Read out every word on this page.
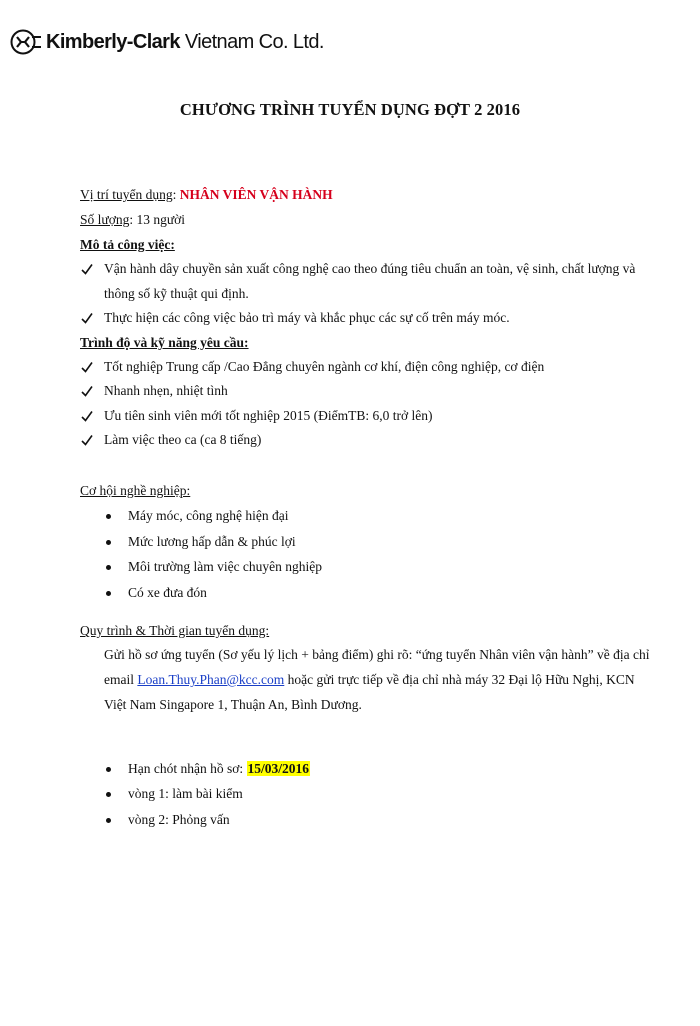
Kimberly-Clark Vietnam Co. Ltd.
CHƯƠNG TRÌNH TUYỂN DỤNG ĐỢT 2 2016
Vị trí tuyển dụng: NHÂN VIÊN VẬN HÀNH
Số lượng: 13 người
Mô tả công việc:
Vận hành dây chuyền sản xuất công nghệ cao theo đúng tiêu chuẩn an toàn, vệ sinh, chất lượng và
thông số kỹ thuật qui định.
Thực hiện các công việc bảo trì máy và khắc phục các sự cố trên máy móc.
Trình độ và kỹ năng yêu cầu:
Tốt nghiệp Trung cấp /Cao Đẳng chuyên ngành cơ khí, điện công nghiệp, cơ điện
Nhanh nhẹn, nhiệt tình
Ưu tiên sinh viên mới tốt nghiệp 2015 (ĐiểmTB: 6,0 trở lên)
Làm việc theo ca (ca 8 tiếng)
Cơ hội nghề nghiệp:
Máy móc, công nghệ hiện đại
Mức lương hấp dẫn & phúc lợi
Môi trường làm việc chuyên nghiệp
Có xe đưa đón
Quy trình & Thời gian tuyển dụng:
Gửi hồ sơ ứng tuyển (Sơ yếu lý lịch + bảng điểm) ghi rõ: “ứng tuyển Nhân viên vận hành” về địa chỉ
email Loan.Thuy.Phan@kcc.com hoặc gửi trực tiếp về địa chỉ nhà máy 32 Đại lộ Hữu Nghị, KCN
Việt Nam Singapore 1, Thuận An, Bình Dương.
Hạn chót nhận hồ sơ: 15/03/2016
vòng 1: làm bài kiểm
vòng 2: Phỏng vấn
